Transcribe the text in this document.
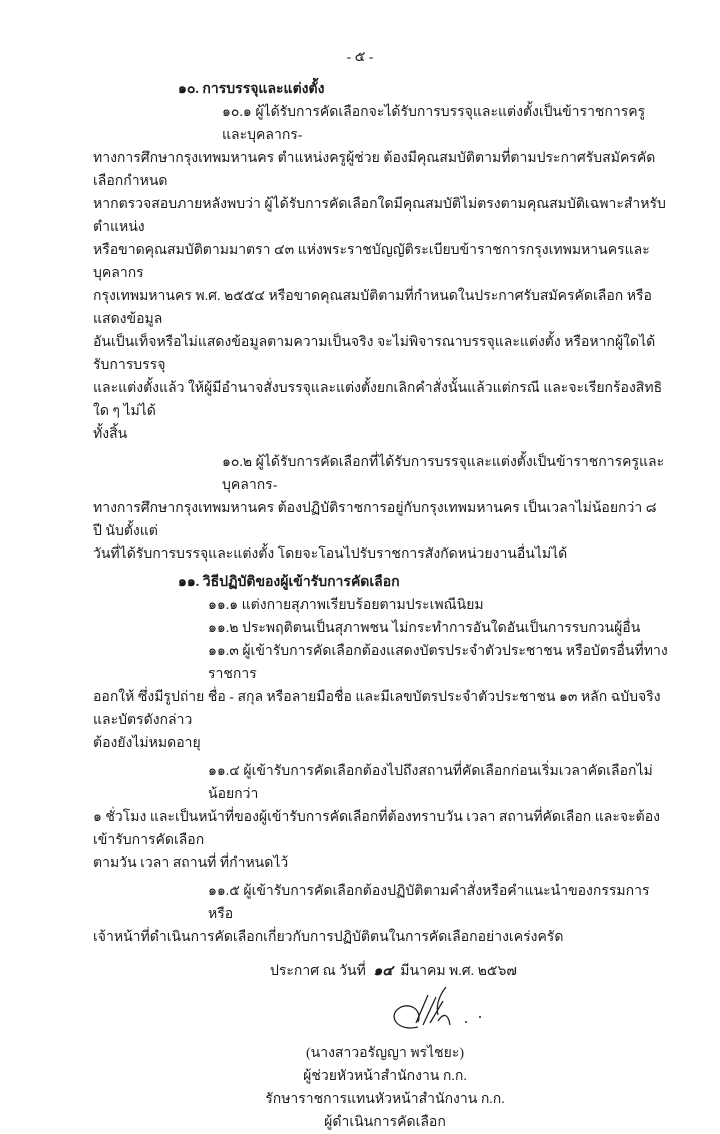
- ๕ -
๑๐. การบรรจุและแต่งตั้ง
๑๐.๑ ผู้ได้รับการคัดเลือกจะได้รับการบรรจุและแต่งตั้งเป็นข้าราชการครูและบุคลากร-
ทางการศึกษากรุงเทพมหานคร ตำแหน่งครูผู้ช่วย ต้องมีคุณสมบัติตามที่ตามประกาศรับสมัครคัดเลือกกำหนด
หากตรวจสอบภายหลังพบว่า ผู้ได้รับการคัดเลือกใดมีคุณสมบัติไม่ตรงตามคุณสมบัติเฉพาะสำหรับตำแหน่ง
หรือขาดคุณสมบัติตามมาตรา ๔๓ แห่งพระราชบัญญัติระเบียบข้าราชการกรุงเทพมหานครและบุคลากร
กรุงเทพมหานคร พ.ศ. ๒๕๕๔ หรือขาดคุณสมบัติตามที่กำหนดในประกาศรับสมัครคัดเลือก หรือแสดงข้อมูล
อันเป็นเท็จหรือไม่แสดงข้อมูลตามความเป็นจริง จะไม่พิจารณาบรรจุและแต่งตั้ง หรือหากผู้ใดได้รับการบรรจุ
และแต่งตั้งแล้ว ให้ผู้มีอำนาจสั่งบรรจุและแต่งตั้งยกเลิกคำสั่งนั้นแล้วแต่กรณี และจะเรียกร้องสิทธิใด ๆ ไม่ได้
ทั้งสิ้น
๑๐.๒ ผู้ได้รับการคัดเลือกที่ได้รับการบรรจุและแต่งตั้งเป็นข้าราชการครูและบุคลากร-
ทางการศึกษากรุงเทพมหานคร ต้องปฏิบัติราชการอยู่กับกรุงเทพมหานคร เป็นเวลาไม่น้อยกว่า ๘ ปี นับตั้งแต่
วันที่ได้รับการบรรจุและแต่งตั้ง โดยจะโอนไปรับราชการสังกัดหน่วยงานอื่นไม่ได้
๑๑. วิธีปฏิบัติของผู้เข้ารับการคัดเลือก
๑๑.๑ แต่งกายสุภาพเรียบร้อยตามประเพณีนิยม
๑๑.๒ ประพฤติตนเป็นสุภาพชน ไม่กระทำการอันใดอันเป็นการรบกวนผู้อื่น
๑๑.๓ ผู้เข้ารับการคัดเลือกต้องแสดงบัตรประจำตัวประชาชน หรือบัตรอื่นที่ทางราชการ
ออกให้ ซึ่งมีรูปถ่าย ชื่อ - สกุล หรือลายมือชื่อ และมีเลขบัตรประจำตัวประชาชน ๑๓ หลัก ฉบับจริง และบัตรดังกล่าว
ต้องยังไม่หมดอายุ
๑๑.๔ ผู้เข้ารับการคัดเลือกต้องไปถึงสถานที่คัดเลือกก่อนเริ่มเวลาคัดเลือกไม่น้อยกว่า
๑ ชั่วโมง และเป็นหน้าที่ของผู้เข้ารับการคัดเลือกที่ต้องทราบวัน เวลา สถานที่คัดเลือก และจะต้องเข้ารับการคัดเลือก
ตามวัน เวลา สถานที่ ที่กำหนดไว้
๑๑.๕ ผู้เข้ารับการคัดเลือกต้องปฏิบัติตามคำสั่งหรือคำแนะนำของกรรมการหรือ
เจ้าหน้าที่ดำเนินการคัดเลือกเกี่ยวกับการปฏิบัติตนในการคัดเลือกอย่างเคร่งครัด
ประกาศ ณ วันที่ ๑๔ มีนาคม พ.ศ. ๒๕๖๗
(นางสาวอรัญญา พรไชยะ)
ผู้ช่วยหัวหน้าสำนักงาน ก.ก.
รักษาราชการแทนหัวหน้าสำนักงาน ก.ก.
ผู้ดำเนินการคัดเลือก
